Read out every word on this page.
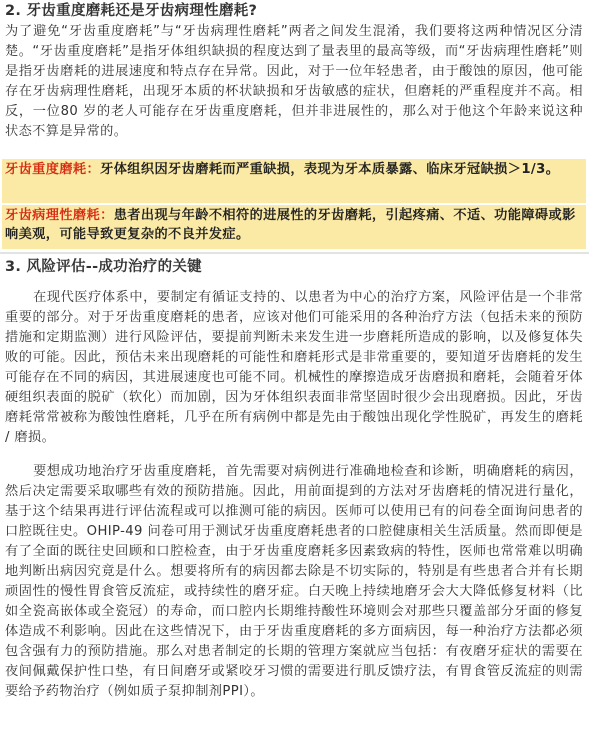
2. 牙齿重度磨耗还是牙齿病理性磨耗?

为了避免“牙齿重度磨耗”与“牙齿病理性磨耗”两者之间发生混淆，我们要将这两种情况区分清楚。“牙齿重度磨耗”是指牙体组织缺损的程度达到了量表里的最高等级，而“牙齿病理性磨耗”则是指牙齿磨耗的进展速度和特点存在异常。因此，对于一位年轻患者，由于酸蚀的原因，他可能存在牙齿病理性磨耗，出现牙本质的杯状缺损和牙齿敏感的症状，但磨耗的严重程度并不高。相反，一位80 岁的老人可能存在牙齿重度磨耗，但并非进展性的，那么对于他这个年龄来说这种状态不算是异常的。

牙齿重度磨耗：牙体组织因牙齿磨耗而严重缺损，表现为牙本质暴露、临床牙冠缺损＞1/3。
牙齿病理性磨耗：患者出现与年龄不相符的进展性的牙齿磨耗，引起疼痛、不适、功能障碍或影响美观，可能导致更复杂的不良并发症。
3. 风险评估--成功治疗的关键

在现代医疗体系中，要制定有循证支持的、以患者为中心的治疗方案，风险评估是一个非常重要的部分。对于牙齿重度磨耗的患者，应该对他们可能采用的各种治疗方法（包括未来的预防措施和定期监测）进行风险评估，要提前判断未来发生进一步磨耗所造成的影响，以及修复体失败的可能。因此，预估未来出现磨耗的可能性和磨耗形式是非常重要的，要知道牙齿磨耗的发生可能存在不同的病因，其进展速度也可能不同。机械性的摩擦造成牙齿磨损和磨耗，会随着牙体硬组织表面的脱矿（软化）而加剧，因为牙体组织表面非常坚固时很少会出现磨损。因此，牙齿磨耗常常被称为酸蚀性磨耗，几乎在所有病例中都是先由于酸蚀出现化学性脱矿，再发生的磨耗 / 磨损。

要想成功地治疗牙齿重度磨耗，首先需要对病例进行准确地检查和诊断，明确磨耗的病因，然后决定需要采取哪些有效的预防措施。因此，用前面提到的方法对牙齿磨耗的情况进行量化，基于这个结果再进行评估流程或可以推测可能的病因。医师可以使用已有的问卷全面询问患者的口腔既往史。OHIP-49 问卷可用于测试牙齿重度磨耗患者的口腔健康相关生活质量。然而即便是有了全面的既往史回顾和口腔检查，由于牙齿重度磨耗多因素致病的特性，医师也常常难以明确地判断出病因究竟是什么。想要将所有的病因都去除是不切实际的，特别是有些患者合并有长期顽固性的慢性胃食管反流症，或持续性的磨牙症。白天晚上持续地磨牙会大大降低修复材料（比如全瓷高嵌体或全瓷冠）的寿命，而口腔内长期维持酸性环境则会对那些只覆盖部分牙面的修复体造成不利影响。因此在这些情况下，由于牙齿重度磨耗的多方面病因，每一种治疗方法都必须包含强有力的预防措施。那么对患者制定的长期的管理方案就应当包括：有夜磨牙症状的需要在夜间佩戴保护性口垫，有日间磨牙或紧咬牙习惯的需要进行肌反馈疗法，有胃食管反流症的则需要给予药物治疗（例如质子泵抑制剂PPI）。
